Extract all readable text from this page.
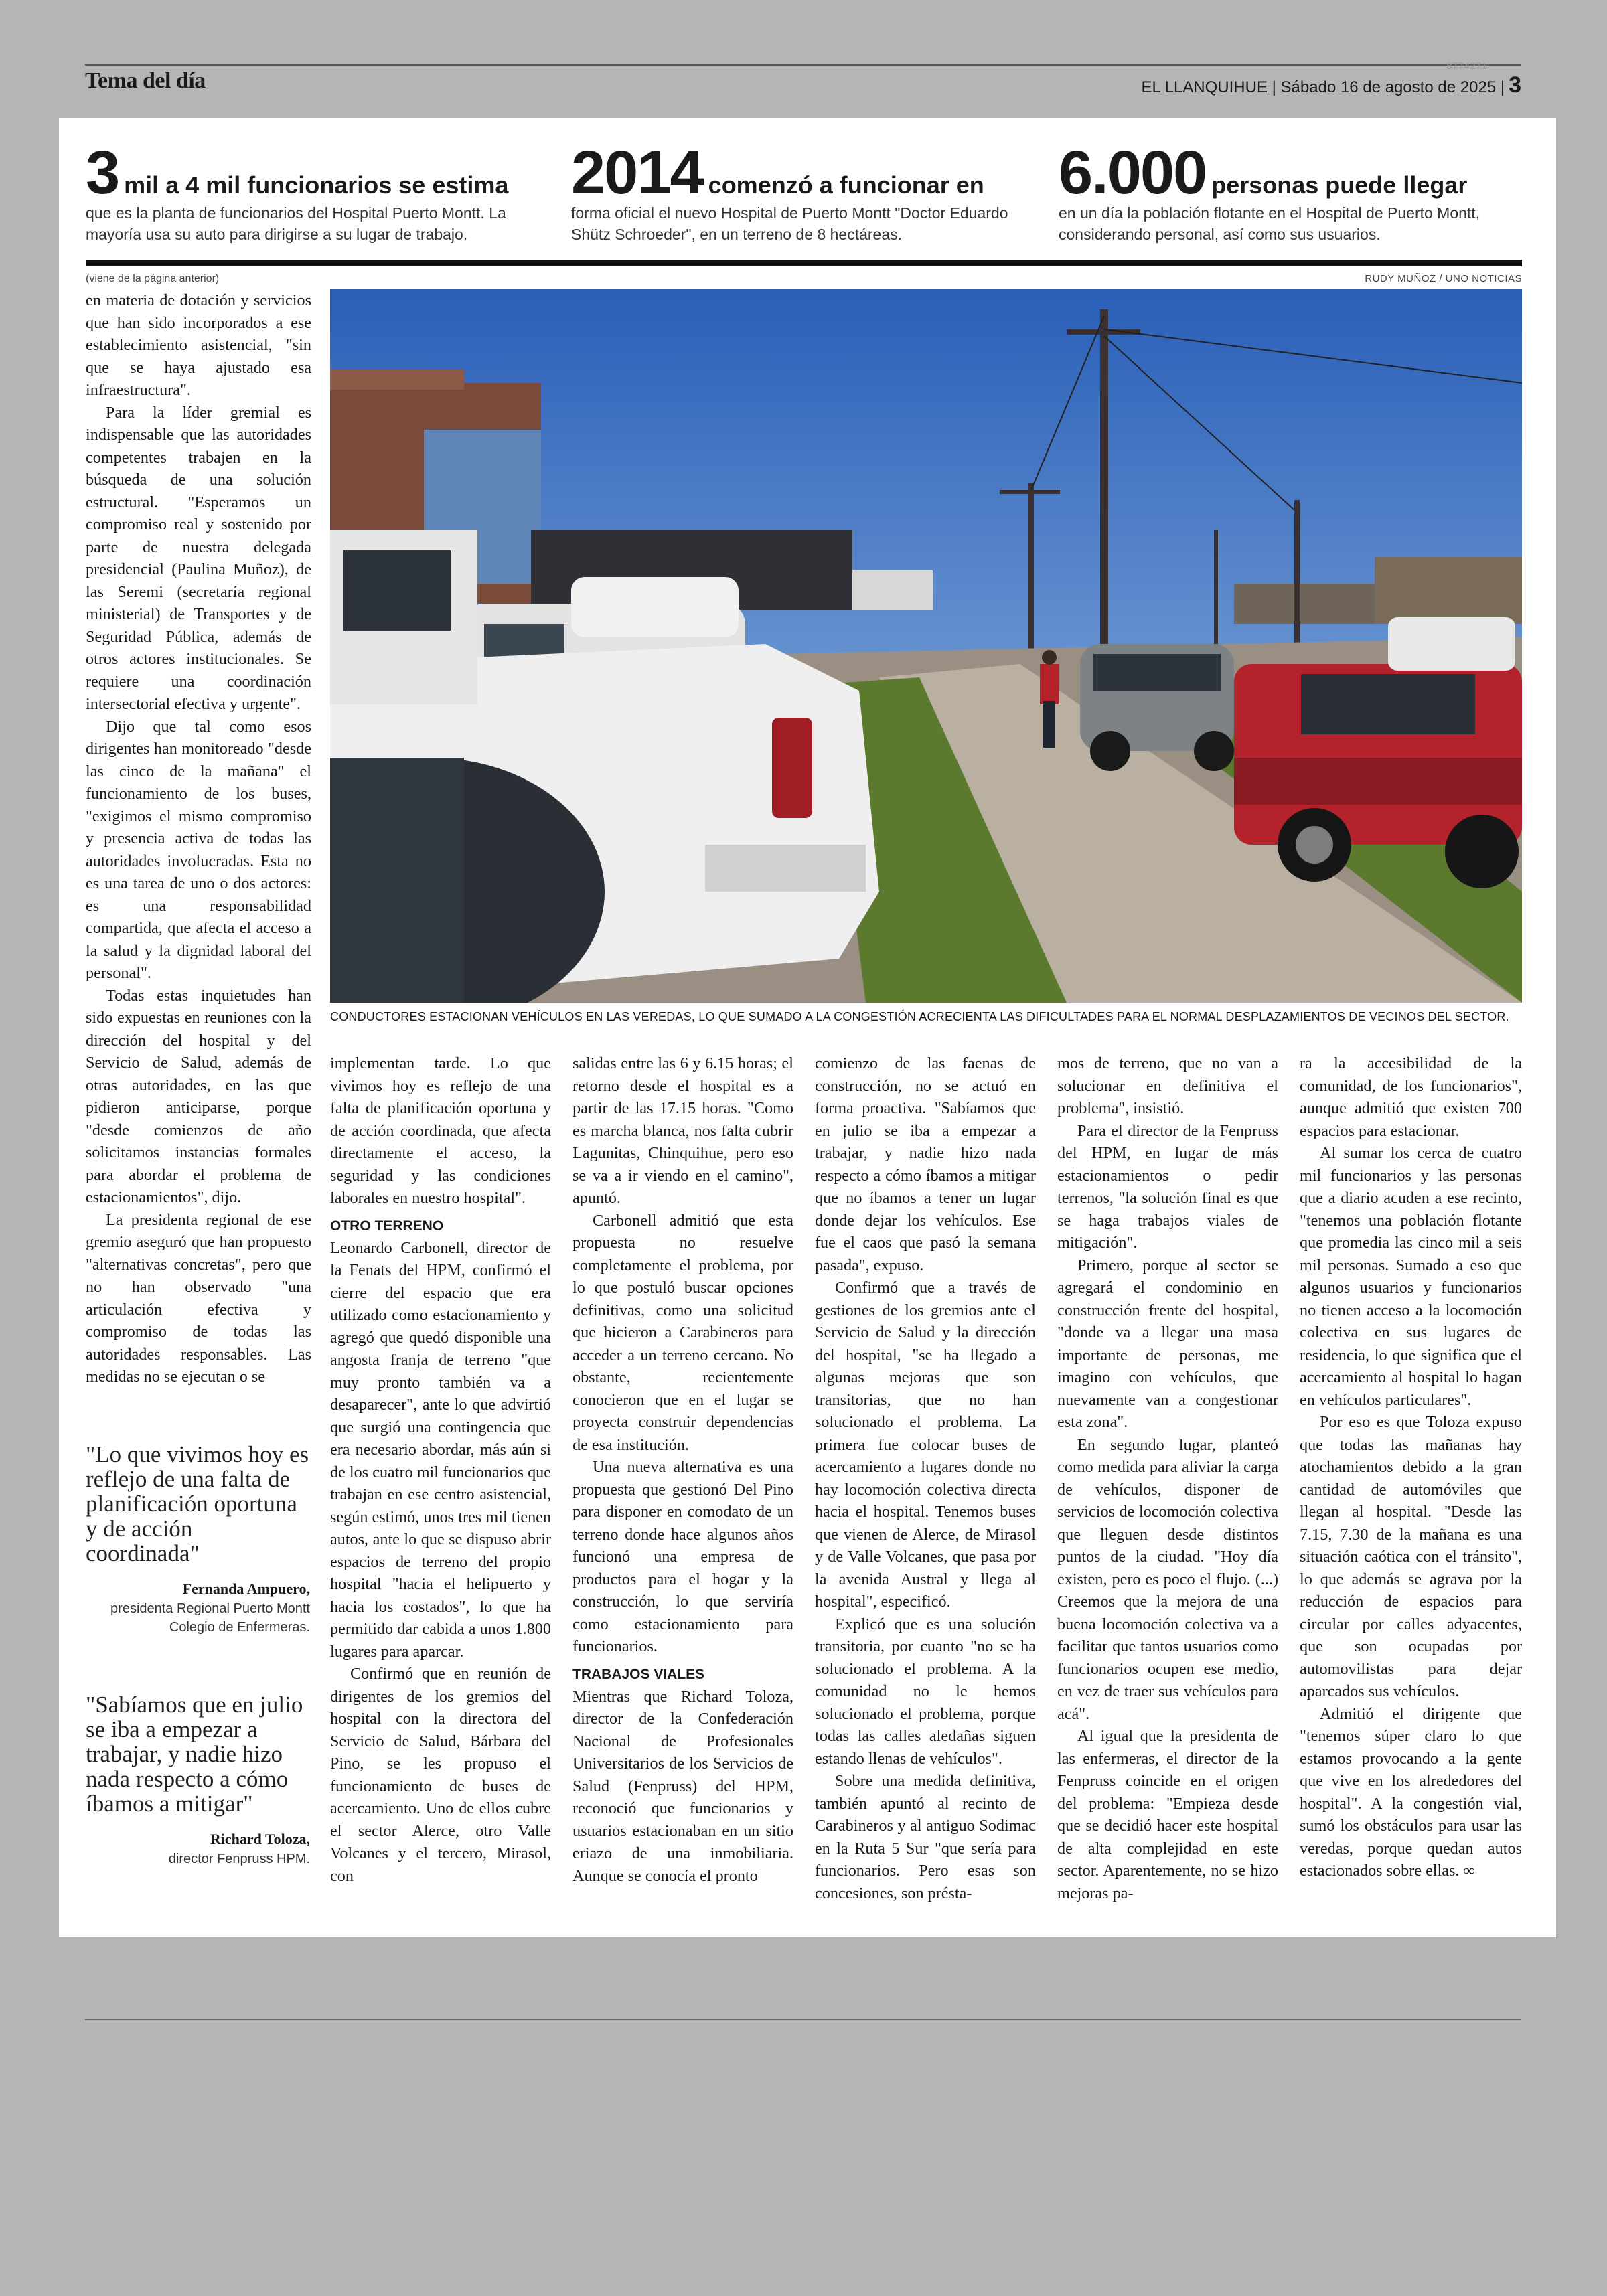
Tema del día
8774271
EL LLANQUIHUE | Sábado 16 de agosto de 2025 | 3
3 mil a 4 mil funcionarios se estima
que es la planta de funcionarios del Hospital Puerto Montt. La mayoría usa su auto para dirigirse a su lugar de trabajo.
2014 comenzó a funcionar en
forma oficial el nuevo Hospital de Puerto Montt "Doctor Eduardo Shütz Schroeder", en un terreno de 8 hectáreas.
6.000 personas puede llegar
en un día la población flotante en el Hospital de Puerto Montt, considerando personal, así como sus usuarios.
(viene de la página anterior)	RUDY MUÑOZ / UNO NOTICIAS
CONDUCTORES ESTACIONAN VEHÍCULOS EN LAS VEREDAS, LO QUE SUMADO A LA CONGESTIÓN ACRECIENTA LAS DIFICULTADES PARA EL NORMAL DESPLAZAMIENTOS DE VECINOS DEL SECTOR.

en materia de dotación y servicios que han sido incorporados a ese establecimiento asistencial, "sin que se haya ajustado esa infraestructura".

Para la líder gremial es indispensable que las autoridades competentes trabajen en la búsqueda de una solución estructural. "Esperamos un compromiso real y sostenido por parte de nuestra delegada presidencial (Paulina Muñoz), de las Seremi (secretaría regional ministerial) de Transportes y de Seguridad Pública, además de otros actores institucionales. Se requiere una coordinación intersectorial efectiva y urgente".

Dijo que tal como esos dirigentes han monitoreado "desde las cinco de la mañana" el funcionamiento de los buses, "exigimos el mismo compromiso y presencia activa de todas las autoridades involucradas. Esta no es una tarea de uno o dos actores: es una responsabilidad compartida, que afecta el acceso a la salud y la dignidad laboral del personal".

Todas estas inquietudes han sido expuestas en reuniones con la dirección del hospital y del Servicio de Salud, además de otras autoridades, en las que pidieron anticiparse, porque "desde comienzos de año solicitamos instancias formales para abordar el problema de estacionamientos", dijo.

La presidenta regional de ese gremio aseguró que han propuesto "alternativas concretas", pero que no han observado "una articulación efectiva y compromiso de todas las autoridades responsables. Las medidas no se ejecutan o se

"Lo que vivimos hoy es reflejo de una falta de planificación oportuna y de acción coordinada"
Fernanda Ampuero,
presidenta Regional Puerto Montt Colegio de Enfermeras.
"Sabíamos que en julio se iba a empezar a trabajar, y nadie hizo nada respecto a cómo íbamos a mitigar"
Richard Toloza,
director Fenpruss HPM.

implementan tarde. Lo que vivimos hoy es reflejo de una falta de planificación oportuna y de acción coordinada, que afecta directamente el acceso, la seguridad y las condiciones laborales en nuestro hospital".

OTRO TERRENO

Leonardo Carbonell, director de la Fenats del HPM, confirmó el cierre del espacio que era utilizado como estacionamiento y agregó que quedó disponible una angosta franja de terreno "que muy pronto también va a desaparecer", ante lo que advirtió que surgió una contingencia que era necesario abordar, más aún si de los cuatro mil funcionarios que trabajan en ese centro asistencial, según estimó, unos tres mil tienen autos, ante lo que se dispuso abrir espacios de terreno del propio hospital "hacia el helipuerto y hacia los costados", lo que ha permitido dar cabida a unos 1.800 lugares para aparcar.

Confirmó que en reunión de dirigentes de los gremios del hospital con la directora del Servicio de Salud, Bárbara del Pino, se les propuso el funcionamiento de buses de acercamiento. Uno de ellos cubre el sector Alerce, otro Valle Volcanes y el tercero, Mirasol, con

salidas entre las 6 y 6.15 horas; el retorno desde el hospital es a partir de las 17.15 horas. "Como es marcha blanca, nos falta cubrir Lagunitas, Chinquihue, pero eso se va a ir viendo en el camino", apuntó.

Carbonell admitió que esta propuesta no resuelve completamente el problema, por lo que postuló buscar opciones definitivas, como una solicitud que hicieron a Carabineros para acceder a un terreno cercano. No obstante, recientemente conocieron que en el lugar se proyecta construir dependencias de esa institución.

Una nueva alternativa es una propuesta que gestionó Del Pino para disponer en comodato de un terreno donde hace algunos años funcionó una empresa de productos para el hogar y la construcción, lo que serviría como estacionamiento para funcionarios.

TRABAJOS VIALES

Mientras que Richard Toloza, director de la Confederación Nacional de Profesionales Universitarios de los Servicios de Salud (Fenpruss) del HPM, reconoció que funcionarios y usuarios estacionaban en un sitio eriazo de una inmobiliaria. Aunque se conocía el pronto

comienzo de las faenas de construcción, no se actuó en forma proactiva. "Sabíamos que en julio se iba a empezar a trabajar, y nadie hizo nada respecto a cómo íbamos a mitigar que no íbamos a tener un lugar donde dejar los vehículos. Ese fue el caos que pasó la semana pasada", expuso.

Confirmó que a través de gestiones de los gremios ante el Servicio de Salud y la dirección del hospital, "se ha llegado a algunas mejoras que son transitorias, que no han solucionado el problema. La primera fue colocar buses de acercamiento a lugares donde no hay locomoción colectiva directa hacia el hospital. Tenemos buses que vienen de Alerce, de Mirasol y de Valle Volcanes, que pasa por la avenida Austral y llega al hospital", especificó.

Explicó que es una solución transitoria, por cuanto "no se ha solucionado el problema. A la comunidad no le hemos solucionado el problema, porque todas las calles aledañas siguen estando llenas de vehículos".

Sobre una medida definitiva, también apuntó al recinto de Carabineros y al antiguo Sodimac en la Ruta 5 Sur "que sería para funcionarios. Pero esas son concesiones, son présta-

mos de terreno, que no van a solucionar en definitiva el problema", insistió.

Para el director de la Fenpruss del HPM, en lugar de más estacionamientos o pedir terrenos, "la solución final es que se haga trabajos viales de mitigación".

Primero, porque al sector se agregará el condominio en construcción frente del hospital, "donde va a llegar una masa importante de personas, me imagino con vehículos, que nuevamente van a congestionar esta zona".

En segundo lugar, planteó como medida para aliviar la carga de vehículos, disponer de servicios de locomoción colectiva que lleguen desde distintos puntos de la ciudad. "Hoy día existen, pero es poco el flujo. (...) Creemos que la mejora de una buena locomoción colectiva va a facilitar que tantos usuarios como funcionarios ocupen ese medio, en vez de traer sus vehículos para acá".

Al igual que la presidenta de las enfermeras, el director de la Fenpruss coincide en el origen del problema: "Empieza desde que se decidió hacer este hospital de alta complejidad en este sector. Aparentemente, no se hizo mejoras pa-

ra la accesibilidad de la comunidad, de los funcionarios", aunque admitió que existen 700 espacios para estacionar.

Al sumar los cerca de cuatro mil funcionarios y las personas que a diario acuden a ese recinto, "tenemos una población flotante que promedia las cinco mil a seis mil personas. Sumado a eso que algunos usuarios y funcionarios no tienen acceso a la locomoción colectiva en sus lugares de residencia, lo que significa que el acercamiento al hospital lo hagan en vehículos particulares".

Por eso es que Toloza expuso que todas las mañanas hay atochamientos debido a la gran cantidad de automóviles que llegan al hospital. "Desde las 7.15, 7.30 de la mañana es una situación caótica con el tránsito", lo que además se agrava por la reducción de espacios para circular por calles adyacentes, que son ocupadas por automovilistas para dejar aparcados sus vehículos.

Admitió el dirigente que "tenemos súper claro lo que estamos provocando a la gente que vive en los alrededores del hospital". A la congestión vial, sumó los obstáculos para usar las veredas, porque quedan autos estacionados sobre ellas. ∞
